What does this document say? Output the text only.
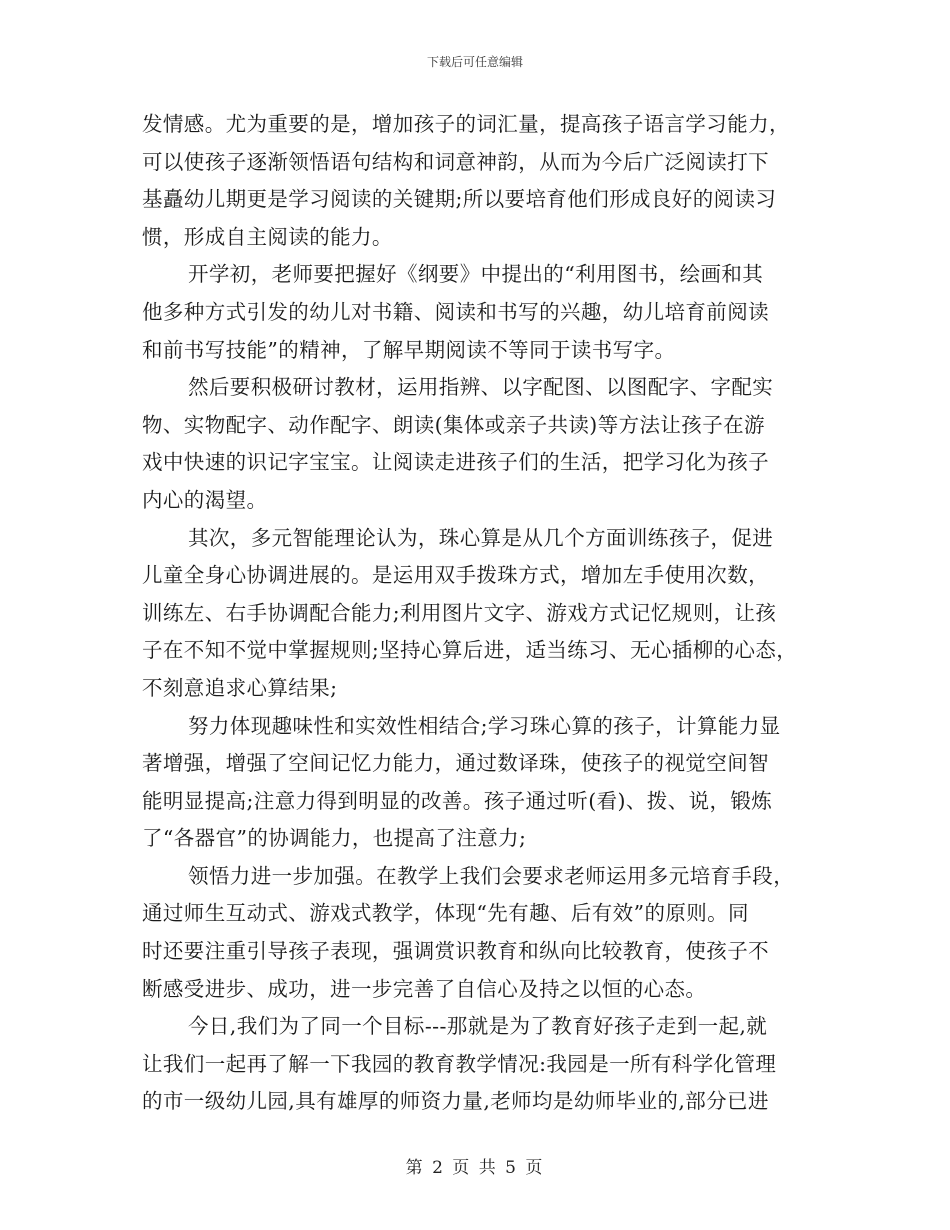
下载后可任意编辑
发情感。尤为重要的是，增加孩子的词汇量，提高孩子语言学习能力，
可以使孩子逐渐领悟语句结构和词意神韵，从而为今后广泛阅读打下
基矗幼儿期更是学习阅读的关键期;所以要培育他们形成良好的阅读习
惯，形成自主阅读的能力。
开学初，老师要把握好《纲要》中提出的“利用图书，绘画和其
他多种方式引发的幼儿对书籍、阅读和书写的兴趣，幼儿培育前阅读
和前书写技能”的精神，了解早期阅读不等同于读书写字。
然后要积极研讨教材，运用指辨、以字配图、以图配字、字配实
物、实物配字、动作配字、朗读(集体或亲子共读)等方法让孩子在游
戏中快速的识记字宝宝。让阅读走进孩子们的生活，把学习化为孩子
内心的渴望。
其次，多元智能理论认为，珠心算是从几个方面训练孩子，促进
儿童全身心协调进展的。是运用双手拨珠方式，增加左手使用次数，
训练左、右手协调配合能力;利用图片文字、游戏方式记忆规则，让孩
子在不知不觉中掌握规则;坚持心算后进，适当练习、无心插柳的心态，
不刻意追求心算结果;
努力体现趣味性和实效性相结合;学习珠心算的孩子，计算能力显
著增强，增强了空间记忆力能力，通过数译珠，使孩子的视觉空间智
能明显提高;注意力得到明显的改善。孩子通过听(看)、拨、说，锻炼
了“各器官”的协调能力，也提高了注意力;
领悟力进一步加强。在教学上我们会要求老师运用多元培育手段，
通过师生互动式、游戏式教学，体现“先有趣、后有效”的原则。同
时还要注重引导孩子表现，强调赏识教育和纵向比较教育，使孩子不
断感受进步、成功，进一步完善了自信心及持之以恒的心态。
今日,我们为了同一个目标---那就是为了教育好孩子走到一起,就
让我们一起再了解一下我园的教育教学情况:我园是一所有科学化管理
的市一级幼儿园,具有雄厚的师资力量,老师均是幼师毕业的,部分已进
第 2 页 共 5 页
